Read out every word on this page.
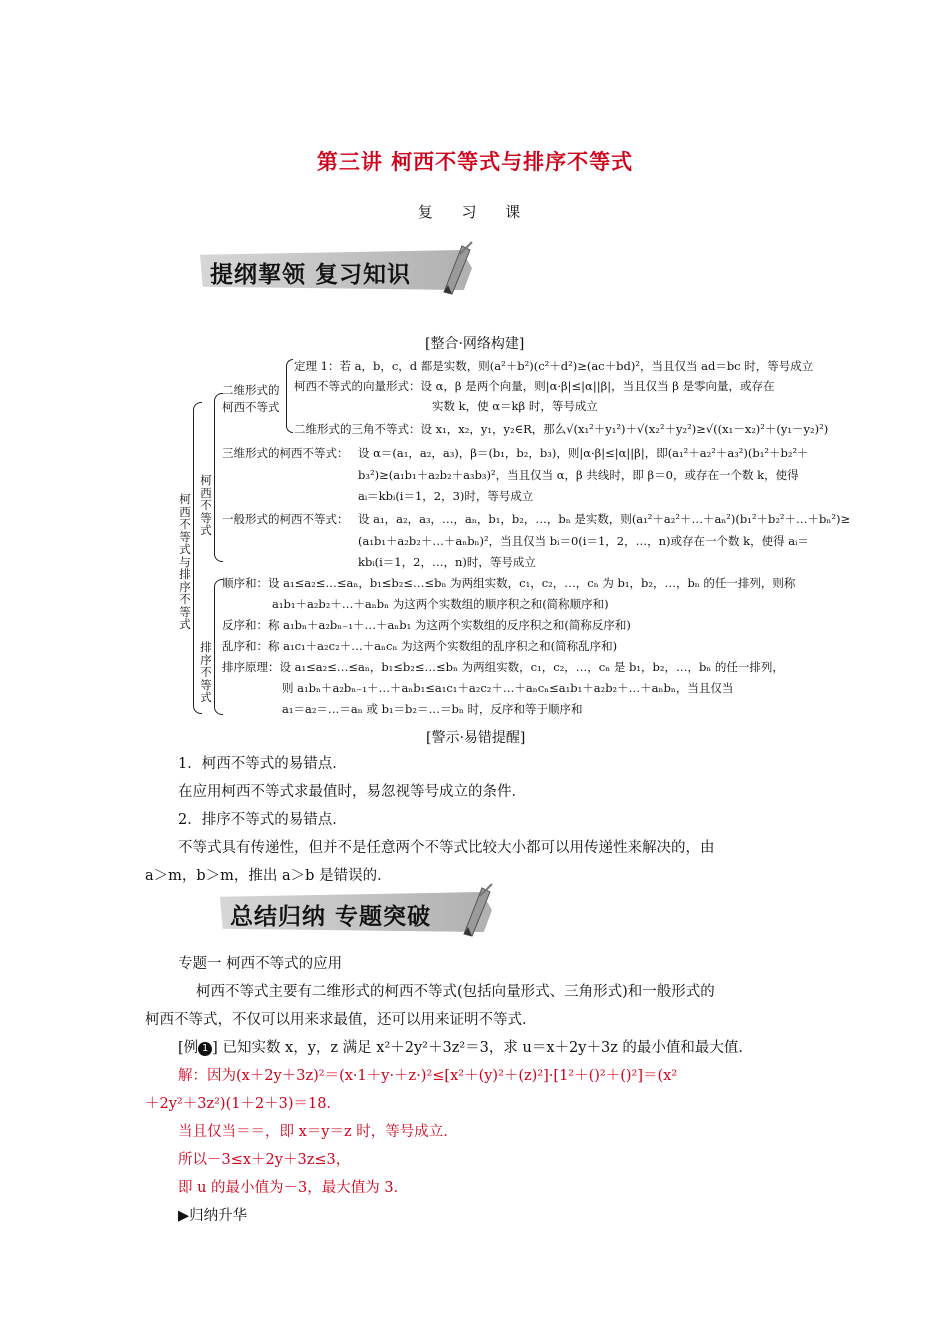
第三讲 柯西不等式与排序不等式
复 习 课
提纲挈领 复习知识
[整合·网络构建]
柯西不等式与排序不等式
柯西不等式
排序不等式
二维形式的柯西不等式
定理 1：若 a，b，c，d 都是实数，则(a²＋b²)(c²＋d²)≥(ac＋bd)²，当且仅当 ad＝bc 时，等号成立
柯西不等式的向量形式：设 α，β 是两个向量，则|α·β|≤|α||β|，当且仅当 β 是零向量，或存在
实数 k，使 α＝kβ 时，等号成立
二维形式的三角不等式：设 x₁，x₂，y₁，y₂∈R，那么√(x₁²＋y₁²)＋√(x₂²＋y₂²)≥√((x₁－x₂)²＋(y₁－y₂)²)
三维形式的柯西不等式： 设 α＝(a₁，a₂，a₃)，β＝(b₁，b₂，b₃)，则|α·β|≤|α||β|，即(a₁²＋a₂²＋a₃²)(b₁²＋b₂²＋
b₃²)≥(a₁b₁＋a₂b₂＋a₃b₃)²，当且仅当 α，β 共线时，即 β＝0，或存在一个数 k，使得
aᵢ＝kbᵢ(i＝1，2，3)时，等号成立
一般形式的柯西不等式： 设 a₁，a₂，a₃，…，aₙ，b₁，b₂，…，bₙ 是实数，则(a₁²＋a₂²＋…＋aₙ²)(b₁²＋b₂²＋…＋bₙ²)≥
(a₁b₁＋a₂b₂＋…＋aₙbₙ)²，当且仅当 bᵢ＝0(i＝1，2，…，n)或存在一个数 k，使得 aᵢ＝
kbᵢ(i＝1，2，…，n)时，等号成立
顺序和：设 a₁≤a₂≤…≤aₙ，b₁≤b₂≤…≤bₙ 为两组实数，c₁，c₂，…，cₙ 为 b₁，b₂，…，bₙ 的任一排列，则称
a₁b₁＋a₂b₂＋…＋aₙbₙ 为这两个实数组的顺序积之和(简称顺序和)
反序和：称 a₁bₙ＋a₂bₙ₋₁＋…＋aₙb₁ 为这两个实数组的反序积之和(简称反序和)
乱序和：称 a₁c₁＋a₂c₂＋…＋aₙcₙ 为这两个实数组的乱序积之和(简称乱序和)
排序原理：设 a₁≤a₂≤…≤aₙ，b₁≤b₂≤…≤bₙ 为两组实数，c₁，c₂，…，cₙ 是 b₁，b₂，…，bₙ 的任一排列，
则 a₁bₙ＋a₂bₙ₋₁＋…＋aₙb₁≤a₁c₁＋a₂c₂＋…＋aₙcₙ≤a₁b₁＋a₂b₂＋…＋aₙbₙ，当且仅当
a₁＝a₂＝…＝aₙ 或 b₁＝b₂＝…＝bₙ 时，反序和等于顺序和
[警示·易错提醒]
1．柯西不等式的易错点．
在应用柯西不等式求最值时，易忽视等号成立的条件．
2．排序不等式的易错点．
不等式具有传递性，但并不是任意两个不等式比较大小都可以用传递性来解决的，由
a＞m，b＞m，推出 a＞b 是错误的．
总结归纳 专题突破
专题一 柯西不等式的应用
柯西不等式主要有二维形式的柯西不等式(包括向量形式、三角形式)和一般形式的
柯西不等式，不仅可以用来求最值，还可以用来证明不等式．
[例 1 ] 已知实数 x，y，z 满足 x²＋2y²＋3z²＝3，求 u＝x＋2y＋3z 的最小值和最大值．
解：因为(x＋2y＋3z)²＝(x·1＋y·＋z·)²≤[x²＋(y)²＋(z)²]·[1²＋()²＋()²]＝(x²
＋2y²＋3z²)(1＋2＋3)＝18．
当且仅当＝＝，即 x＝y＝z 时，等号成立．
所以－3≤x＋2y＋3z≤3，
即 u 的最小值为－3，最大值为 3．
▶归纳升华
